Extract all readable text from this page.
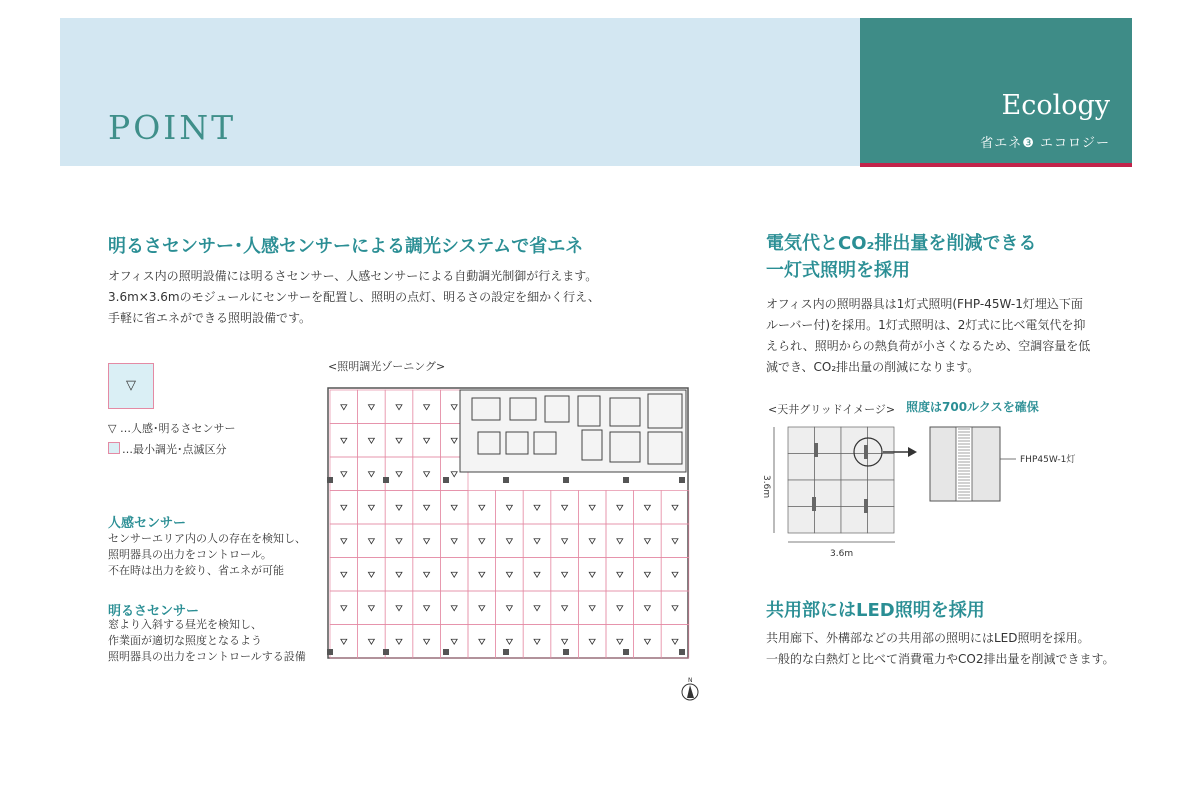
POINT
Ecology
省エネ❸ エコロジー
明るさセンサー･人感センサーによる調光システムで省エネ
オフィス内の照明設備には明るさセンサー、人感センサーによる自動調光制御が行えます。
3.6m×3.6mのモジュールにセンサーを配置し、照明の点灯、明るさの設定を細かく行え、
手軽に省エネができる照明設備です。
▽
▽ …人感･明るさセンサー
…最小調光･点滅区分
人感センサー
センサーエリア内の人の存在を検知し、
照明器具の出力をコントロール。
不在時は出力を絞り、省エネが可能
明るさセンサー
窓より入斜する昼光を検知し、
作業面が適切な照度となるよう
照明器具の出力をコントロールする設備
<照明調光ゾーニング>
N
電気代とCO₂排出量を削減できる
一灯式照明を採用
オフィス内の照明器具は1灯式照明(FHP-45W-1灯埋込下面
ルーバー付)を採用。1灯式照明は、2灯式に比べ電気代を抑
えられ、照明からの熱負荷が小さくなるため、空調容量を低
減でき、CO₂排出量の削減になります。
<天井グリッドイメージ> 照度は700ルクスを確保
3.6m
3.6m
FHP45W-1灯
共用部にはLED照明を採用
共用廊下、外構部などの共用部の照明にはLED照明を採用。
一般的な白熱灯と比べて消費電力やCO2排出量を削減できます。
